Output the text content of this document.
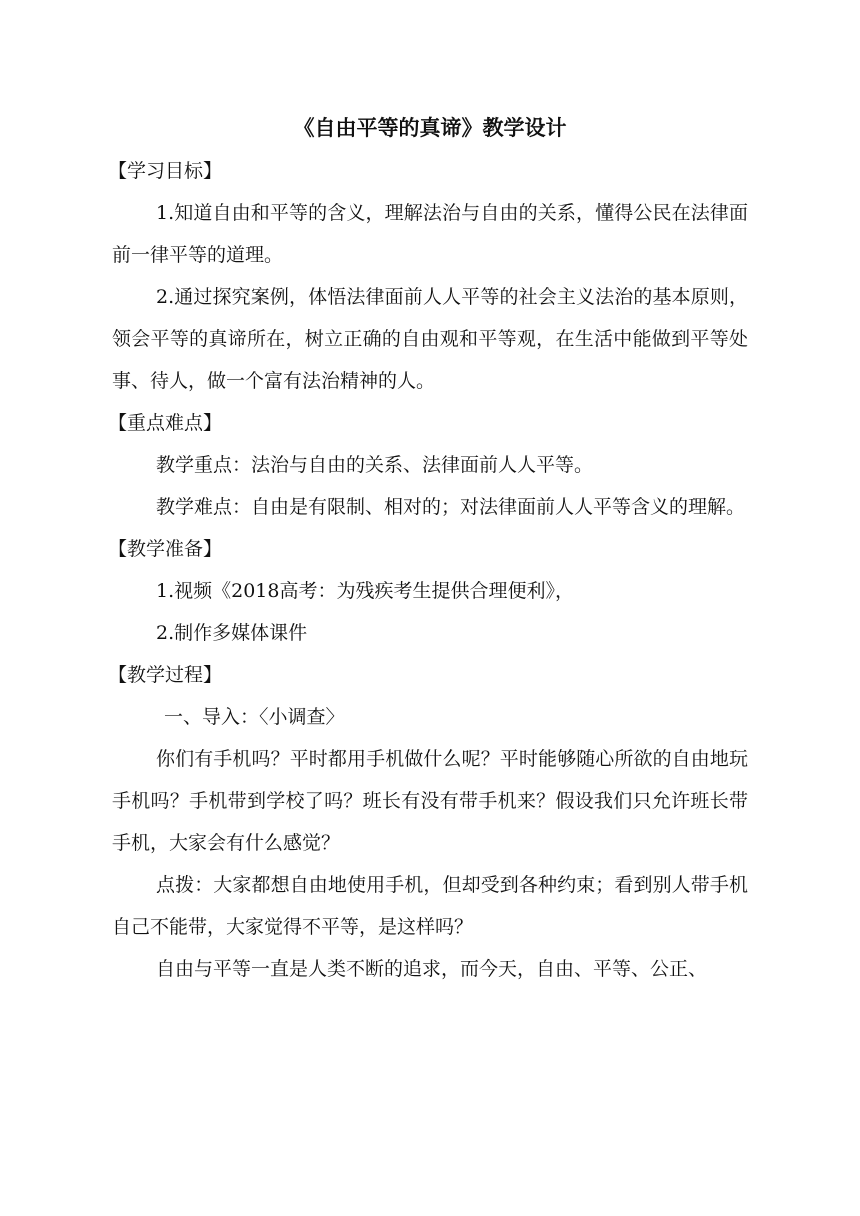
《自由平等的真谛》教学设计

【学习目标】

1.知道自由和平等的含义，理解法治与自由的关系，懂得公民在法律面前一律平等的道理。

2.通过探究案例，体悟法律面前人人平等的社会主义法治的基本原则，领会平等的真谛所在，树立正确的自由观和平等观，在生活中能做到平等处事、待人，做一个富有法治精神的人。

【重点难点】

教学重点：法治与自由的关系、法律面前人人平等。

教学难点：自由是有限制、相对的；对法律面前人人平等含义的理解。

【教学准备】

1.视频《2018高考：为残疾考生提供合理便利》，

2.制作多媒体课件

【教学过程】

一、导入：〈小调查〉

你们有手机吗？平时都用手机做什么呢？平时能够随心所欲的自由地玩手机吗？手机带到学校了吗？班长有没有带手机来？假设我们只允许班长带手机，大家会有什么感觉？

点拨：大家都想自由地使用手机，但却受到各种约束；看到别人带手机自己不能带，大家觉得不平等，是这样吗？

自由与平等一直是人类不断的追求，而今天，自由、平等、公正、
